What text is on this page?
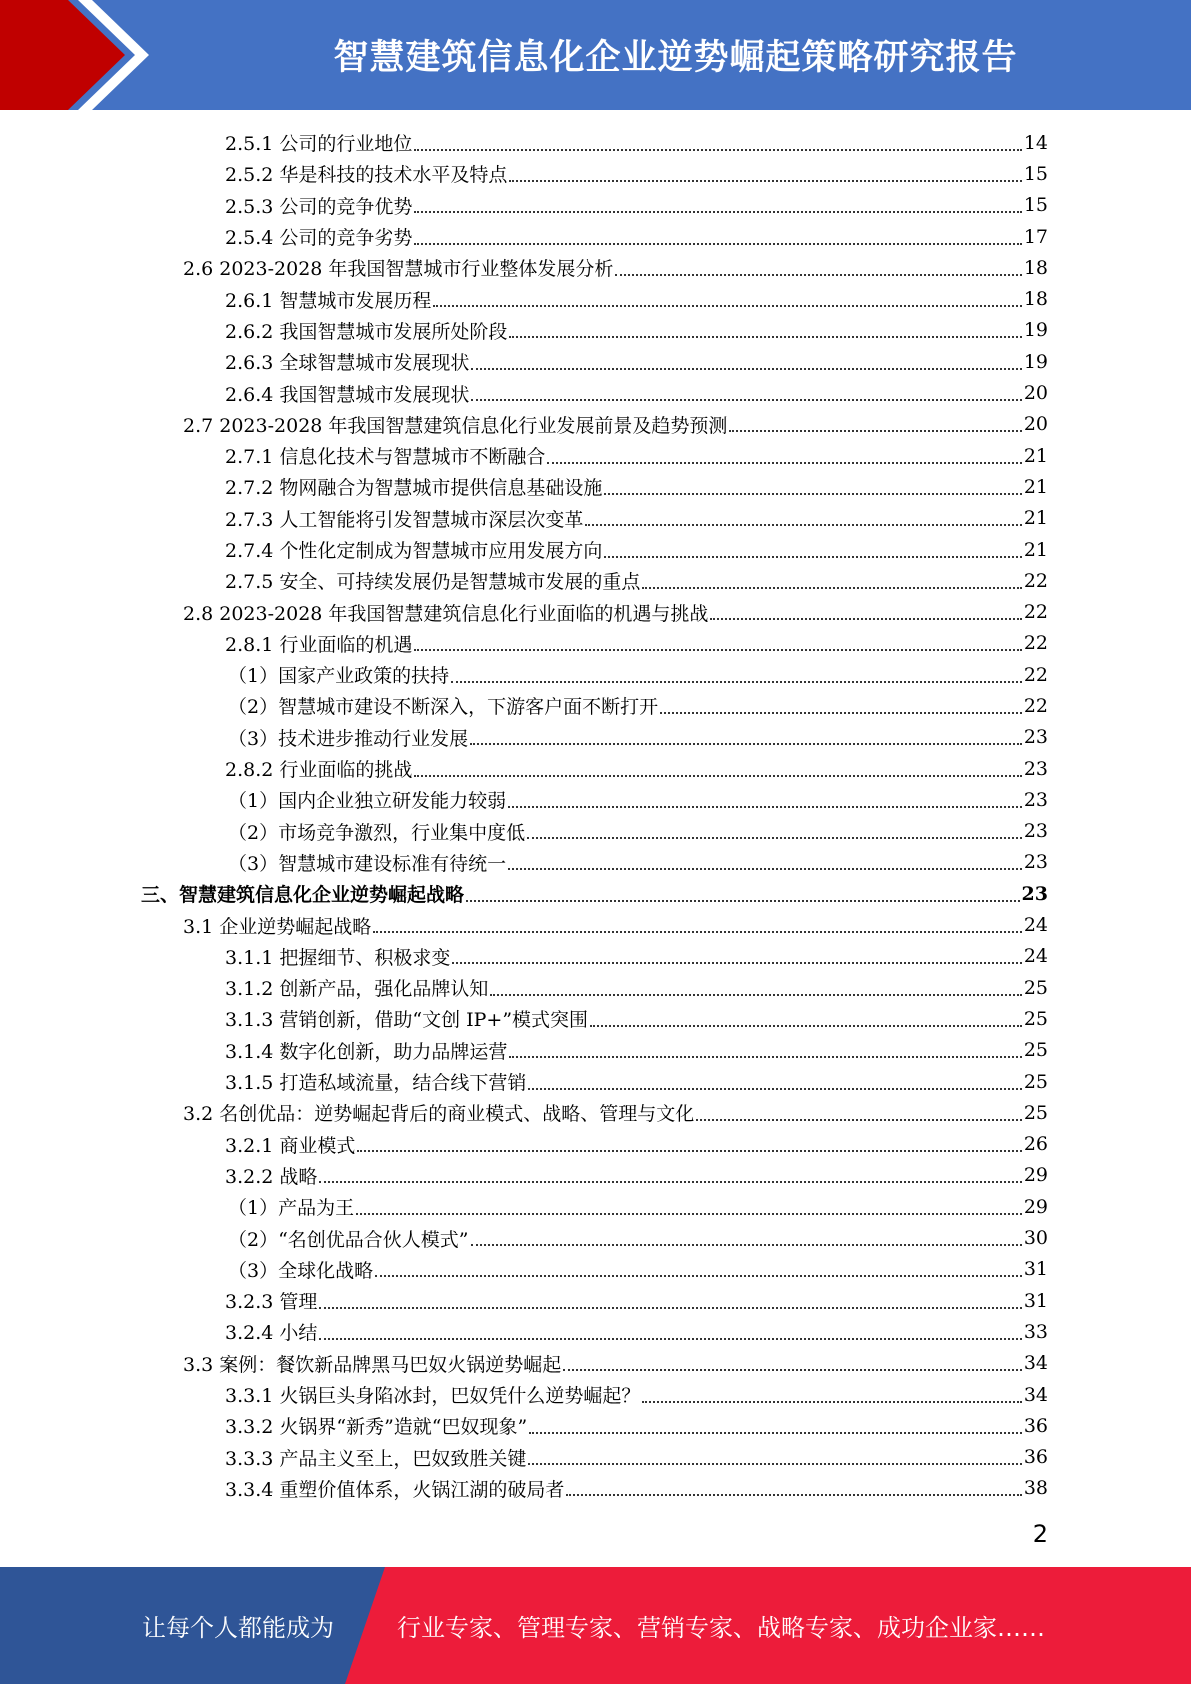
智慧建筑信息化企业逆势崛起策略研究报告
2.5.1 公司的行业地位	14
2.5.2 华是科技的技术水平及特点	15
2.5.3 公司的竞争优势	15
2.5.4 公司的竞争劣势	17
2.6 2023-2028 年我国智慧城市行业整体发展分析	18
2.6.1 智慧城市发展历程	18
2.6.2 我国智慧城市发展所处阶段	19
2.6.3 全球智慧城市发展现状	19
2.6.4 我国智慧城市发展现状	20
2.7 2023-2028 年我国智慧建筑信息化行业发展前景及趋势预测	20
2.7.1 信息化技术与智慧城市不断融合	21
2.7.2 物网融合为智慧城市提供信息基础设施	21
2.7.3 人工智能将引发智慧城市深层次变革	21
2.7.4 个性化定制成为智慧城市应用发展方向	21
2.7.5 安全、可持续发展仍是智慧城市发展的重点	22
2.8 2023-2028 年我国智慧建筑信息化行业面临的机遇与挑战	22
2.8.1 行业面临的机遇	22
（1）国家产业政策的扶持	22
（2）智慧城市建设不断深入，下游客户面不断打开	22
（3）技术进步推动行业发展	23
2.8.2 行业面临的挑战	23
（1）国内企业独立研发能力较弱	23
（2）市场竞争激烈，行业集中度低	23
（3）智慧城市建设标准有待统一	23
三、智慧建筑信息化企业逆势崛起战略	23
3.1 企业逆势崛起战略	24
3.1.1 把握细节、积极求变	24
3.1.2 创新产品，强化品牌认知	25
3.1.3 营销创新，借助“文创 IP+”模式突围	25
3.1.4 数字化创新，助力品牌运营	25
3.1.5 打造私域流量，结合线下营销	25
3.2 名创优品：逆势崛起背后的商业模式、战略、管理与文化	25
3.2.1 商业模式	26
3.2.2 战略	29
（1）产品为王	29
（2）“名创优品合伙人模式”	30
（3）全球化战略	31
3.2.3 管理	31
3.2.4 小结	33
3.3 案例：餐饮新品牌黑马巴奴火锅逆势崛起	34
3.3.1 火锅巨头身陷冰封，巴奴凭什么逆势崛起？	34
3.3.2 火锅界“新秀”造就“巴奴现象”	36
3.3.3 产品主义至上，巴奴致胜关键	36
3.3.4 重塑价值体系，火锅江湖的破局者	38
2
让每个人都能成为	行业专家、管理专家、营销专家、战略专家、成功企业家……
